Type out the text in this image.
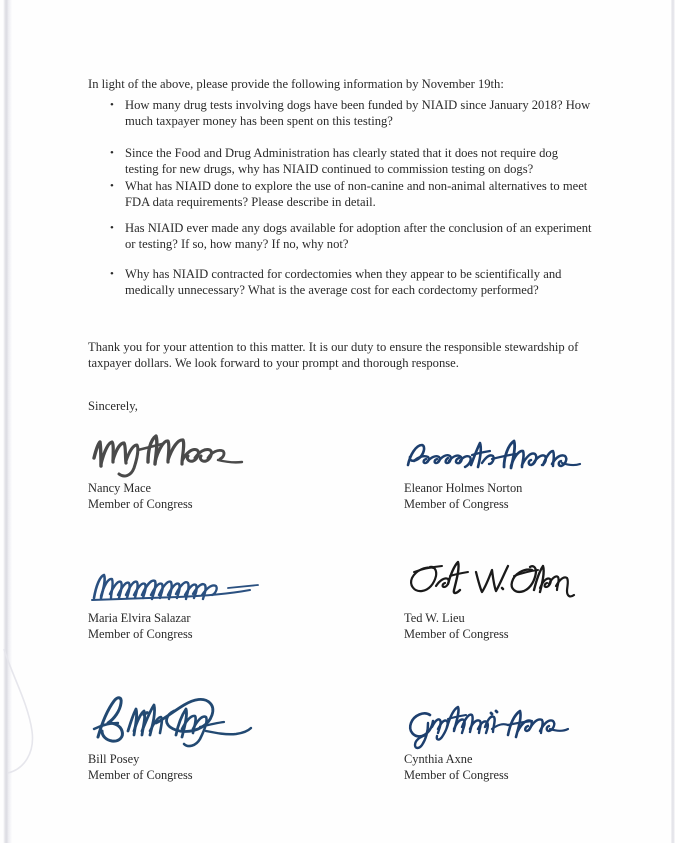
In light of the above, please provide the following information by November 19th:

• How many drug tests involving dogs have been funded by NIAID since January 2018? How much taxpayer money has been spent on this testing?
• Since the Food and Drug Administration has clearly stated that it does not require dog testing for new drugs, why has NIAID continued to commission testing on dogs?
• What has NIAID done to explore the use of non-canine and non-animal alternatives to meet FDA data requirements? Please describe in detail.
• Has NIAID ever made any dogs available for adoption after the conclusion of an experiment or testing? If so, how many? If no, why not?
• Why has NIAID contracted for cordectomies when they appear to be scientifically and medically unnecessary? What is the average cost for each cordectomy performed?

Thank you for your attention to this matter. It is our duty to ensure the responsible stewardship of taxpayer dollars. We look forward to your prompt and thorough response.

Sincerely,

Nancy Mace
Member of Congress
Eleanor Holmes Norton
Member of Congress
Maria Elvira Salazar
Member of Congress
Ted W. Lieu
Member of Congress
Bill Posey
Member of Congress
Cynthia Axne
Member of Congress
